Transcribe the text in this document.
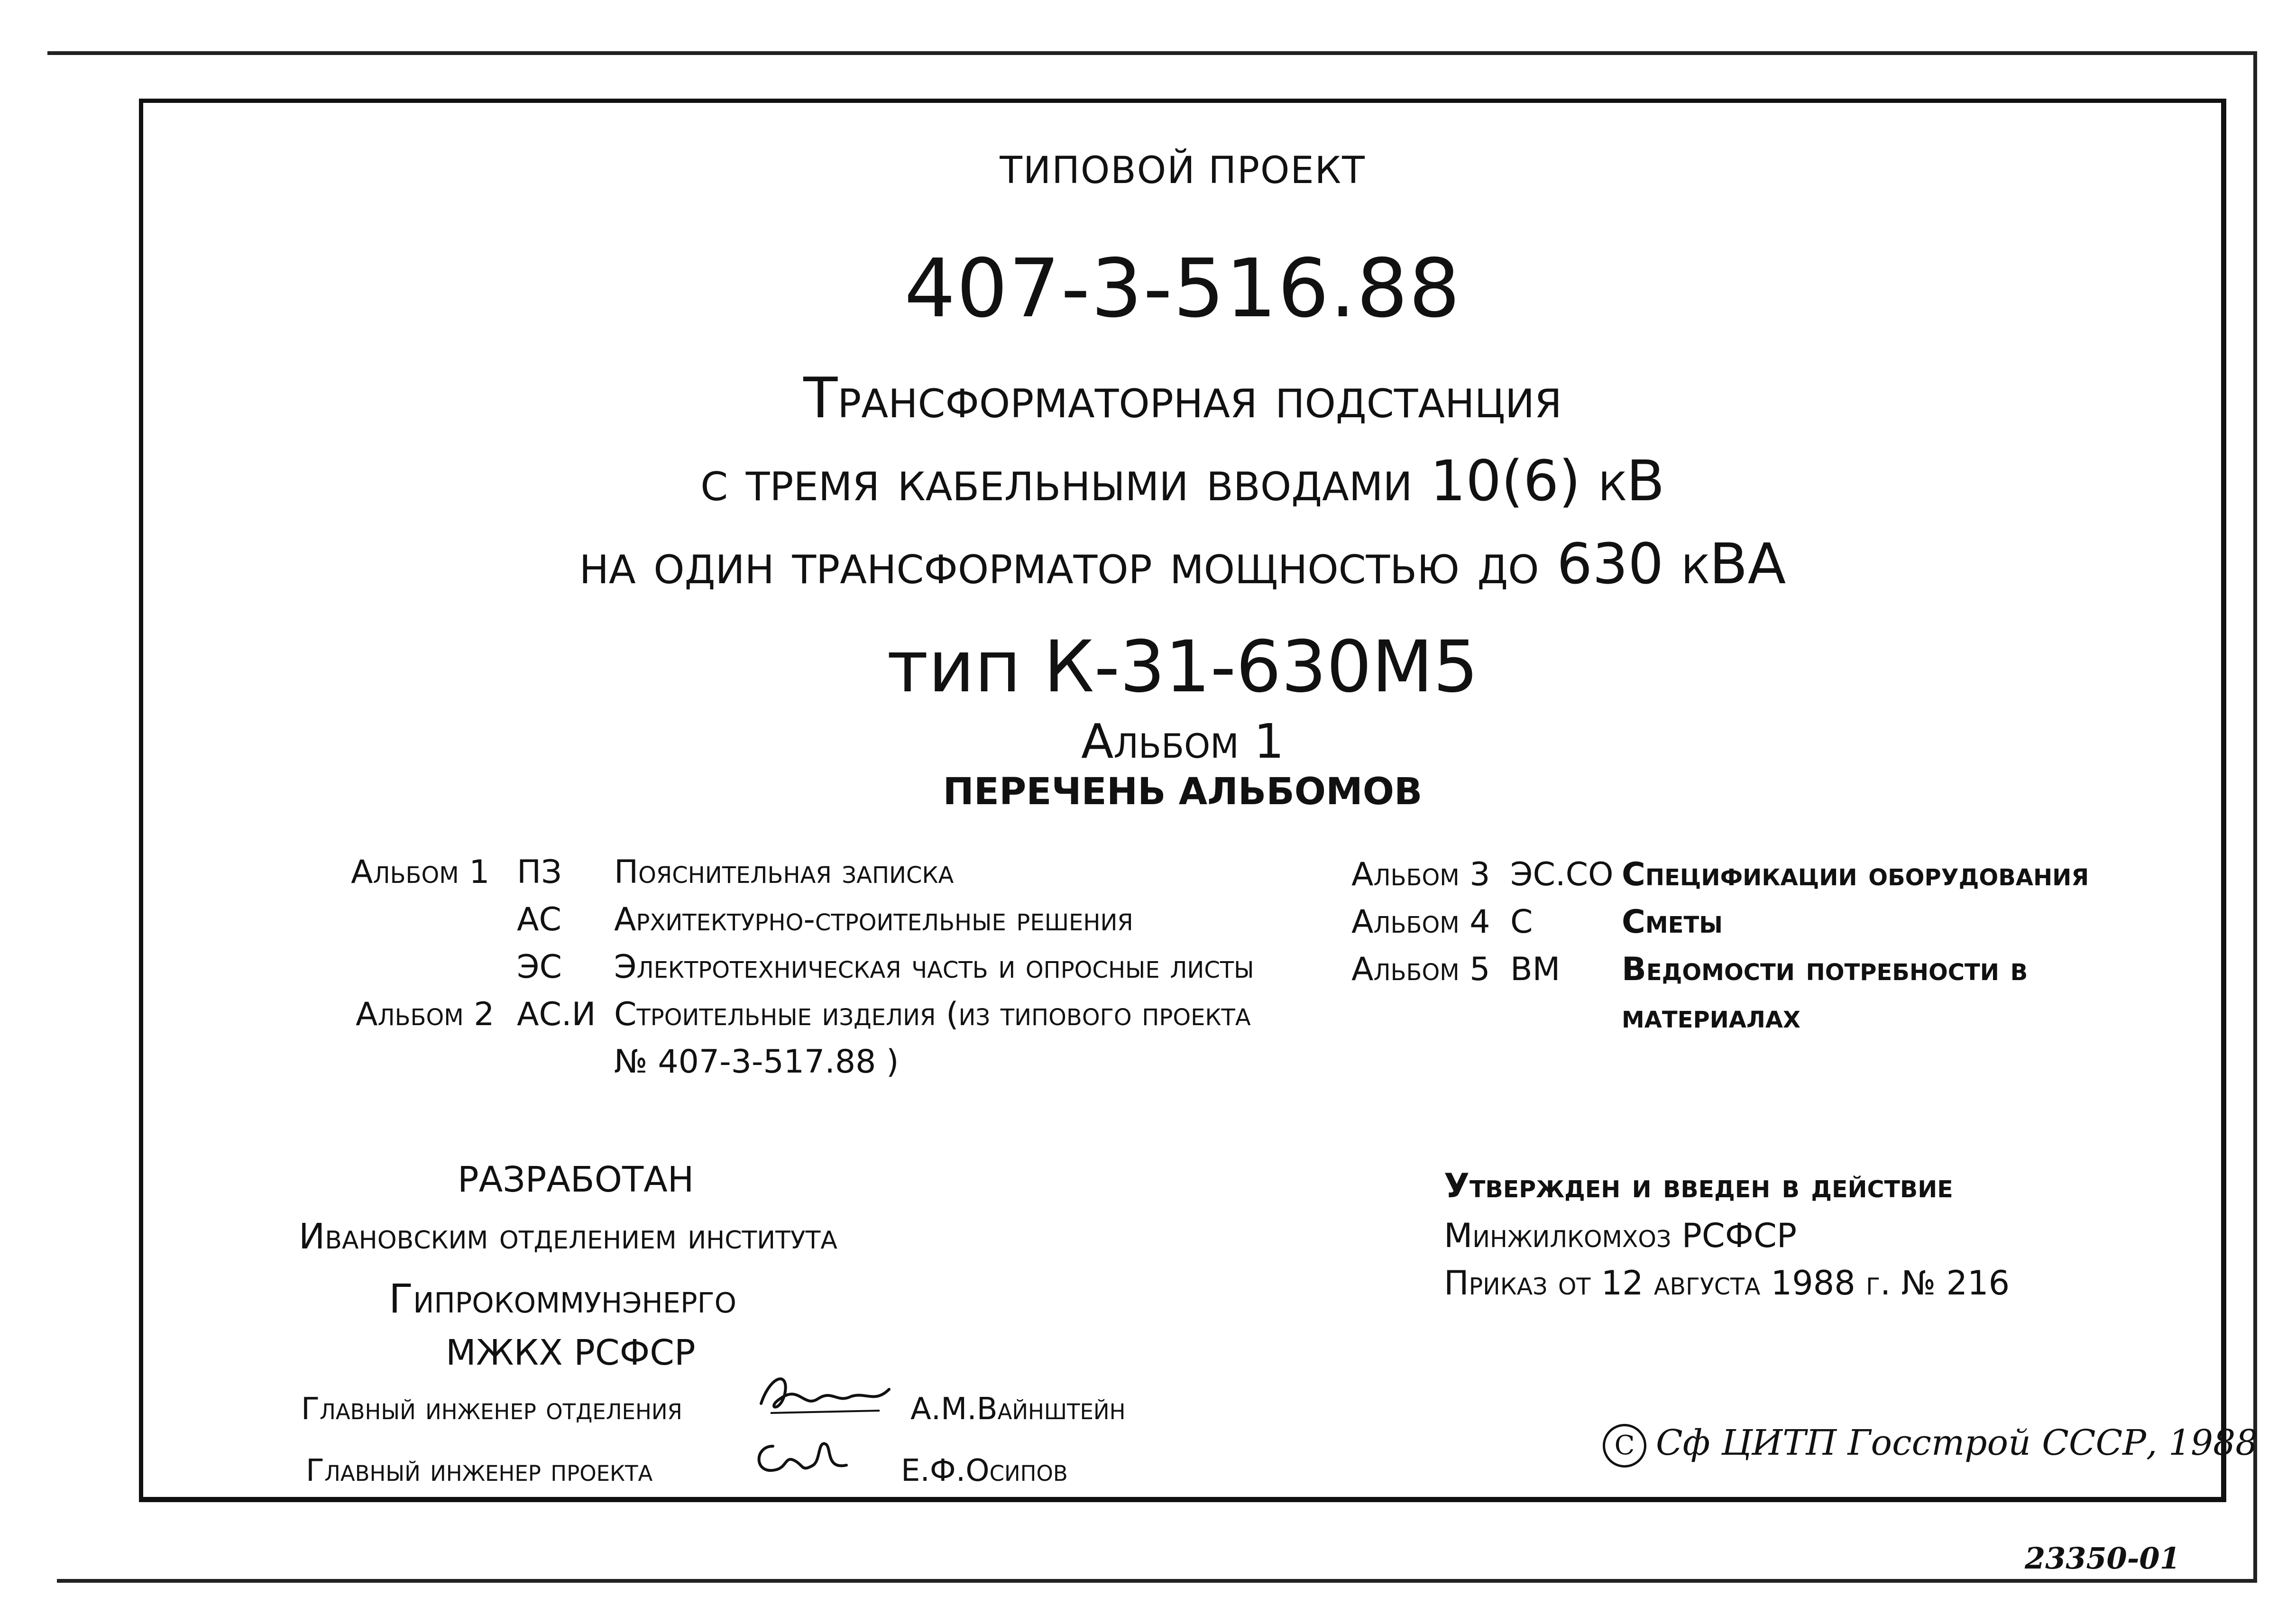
ТИПОВОЙ ПРОЕКТ
407-3-516.88
Трансформаторная подстанция
с тремя кабельными вводами 10(6) кВ
на один трансформатор мощностью до 630 кВА
тип К-31-630М5
Альбом 1
ПЕРЕЧЕНЬ АЛЬБОМОВ
Альбом 1 ПЗ Пояснительная записка
АС Архитектурно-строительные решения
ЭС Электротехническая часть и опросные листы
Альбом 2 АС.И Строительные изделия (из типового проекта
№ 407-3-517.88 )
Альбом 3 ЭС.СО Спецификации оборудования
Альбом 4 С	Сметы
Альбом 5 ВМ Ведомости потребности в
материалах
РАЗРАБОТАН
Ивановским отделением института
Гипрокоммунэнерго
МЖКХ РСФСР
Утвержден и введен в действие
Минжилкомхоз РСФСР
Приказ от 12 августа 1988 г. № 216
Главный инженер отделения	А.М.Вайнштейн
Главный инженер проекта	Е.Ф.Осипов
С Сф ЦИТП Госстрой СССР, 1988
23350-01
